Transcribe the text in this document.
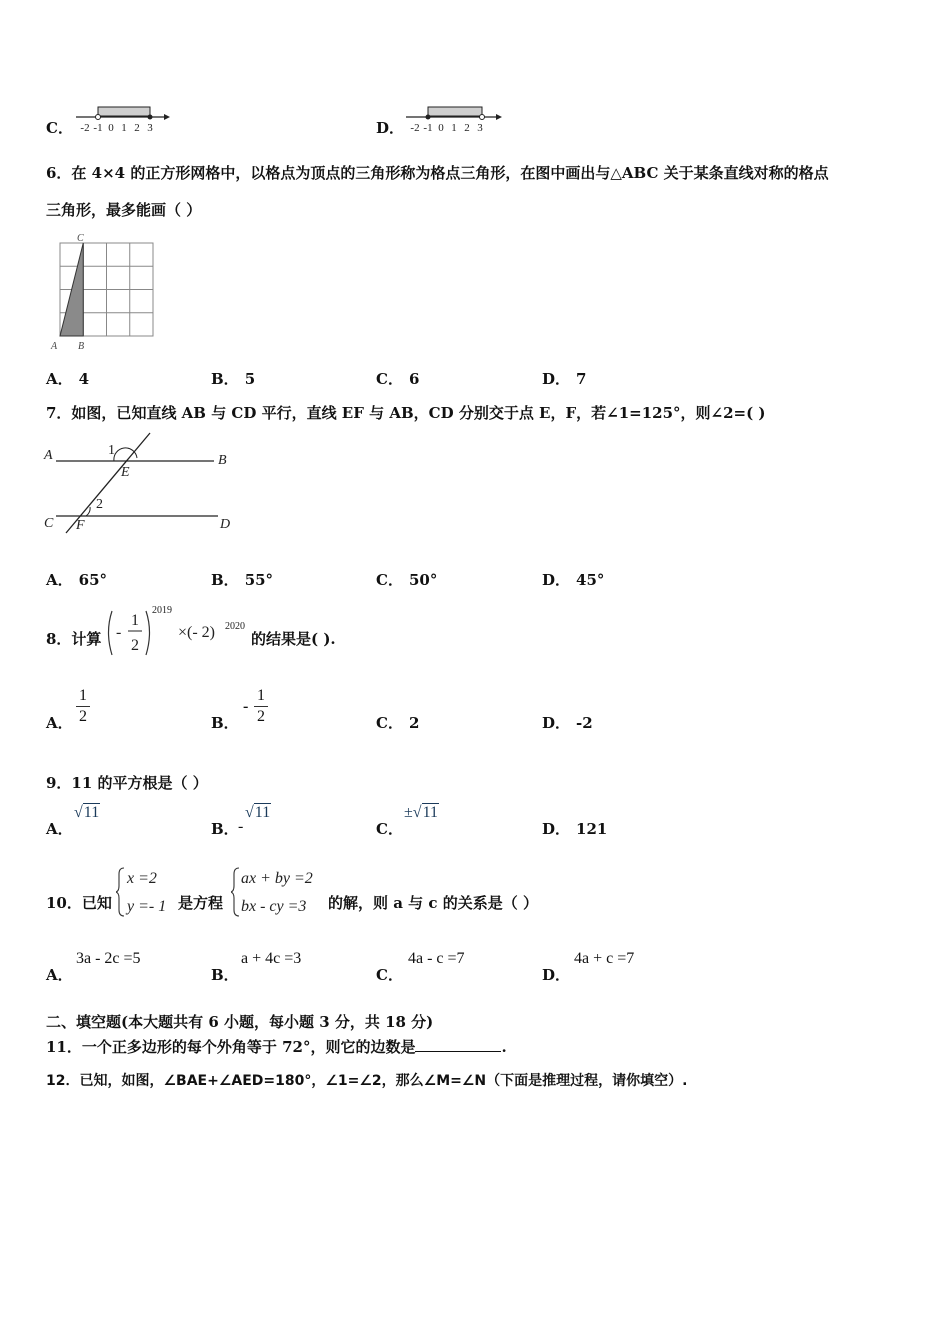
C． -2 -1 0 1 2 3	D． -2 -1 0 1 2 3
6．在 4×4 的正方形网格中，以格点为顶点的三角形称为格点三角形，在图中画出与△ABC 关于某条直线对称的格点
三角形，最多能画（ ）
C
A B
A． 4	B． 5	C． 6	D． 7
7．如图，已知直线 AB 与 CD 平行，直线 EF 与 AB，CD 分别交于点 E，F，若∠1=125°，则∠2=( )
A	B
C	D
E
F
1
2
A． 65°	B． 55°	C． 50°	D． 45°
8．计算 -
1
2
2019
×(- 2) 2020
的结果是( ).
A． $\frac{1}{2}$	B．
- $\frac{1}{2}$	C． 2	D． -2
9．11 的平方根是（ ）
A．
√11
B． -
√11
C．
±√11
D． 121
10．已知
x =2
y =- 1 是方程
ax + by =2
bx - cy =3 的解，则 a 与 c 的关系是（ ）
A．
3a - 2c =5
B．
a + 4c =3
C．
4a - c =7
D．
4a + c =7
二、填空题(本大题共有 6 小题，每小题 3 分，共 18 分)
11．一个正多边形的每个外角等于 72°，则它的边数是	.
12．已知，如图，∠BAE+∠AED=180°，∠1=∠2，那么∠M=∠N（下面是推理过程，请你填空）.
